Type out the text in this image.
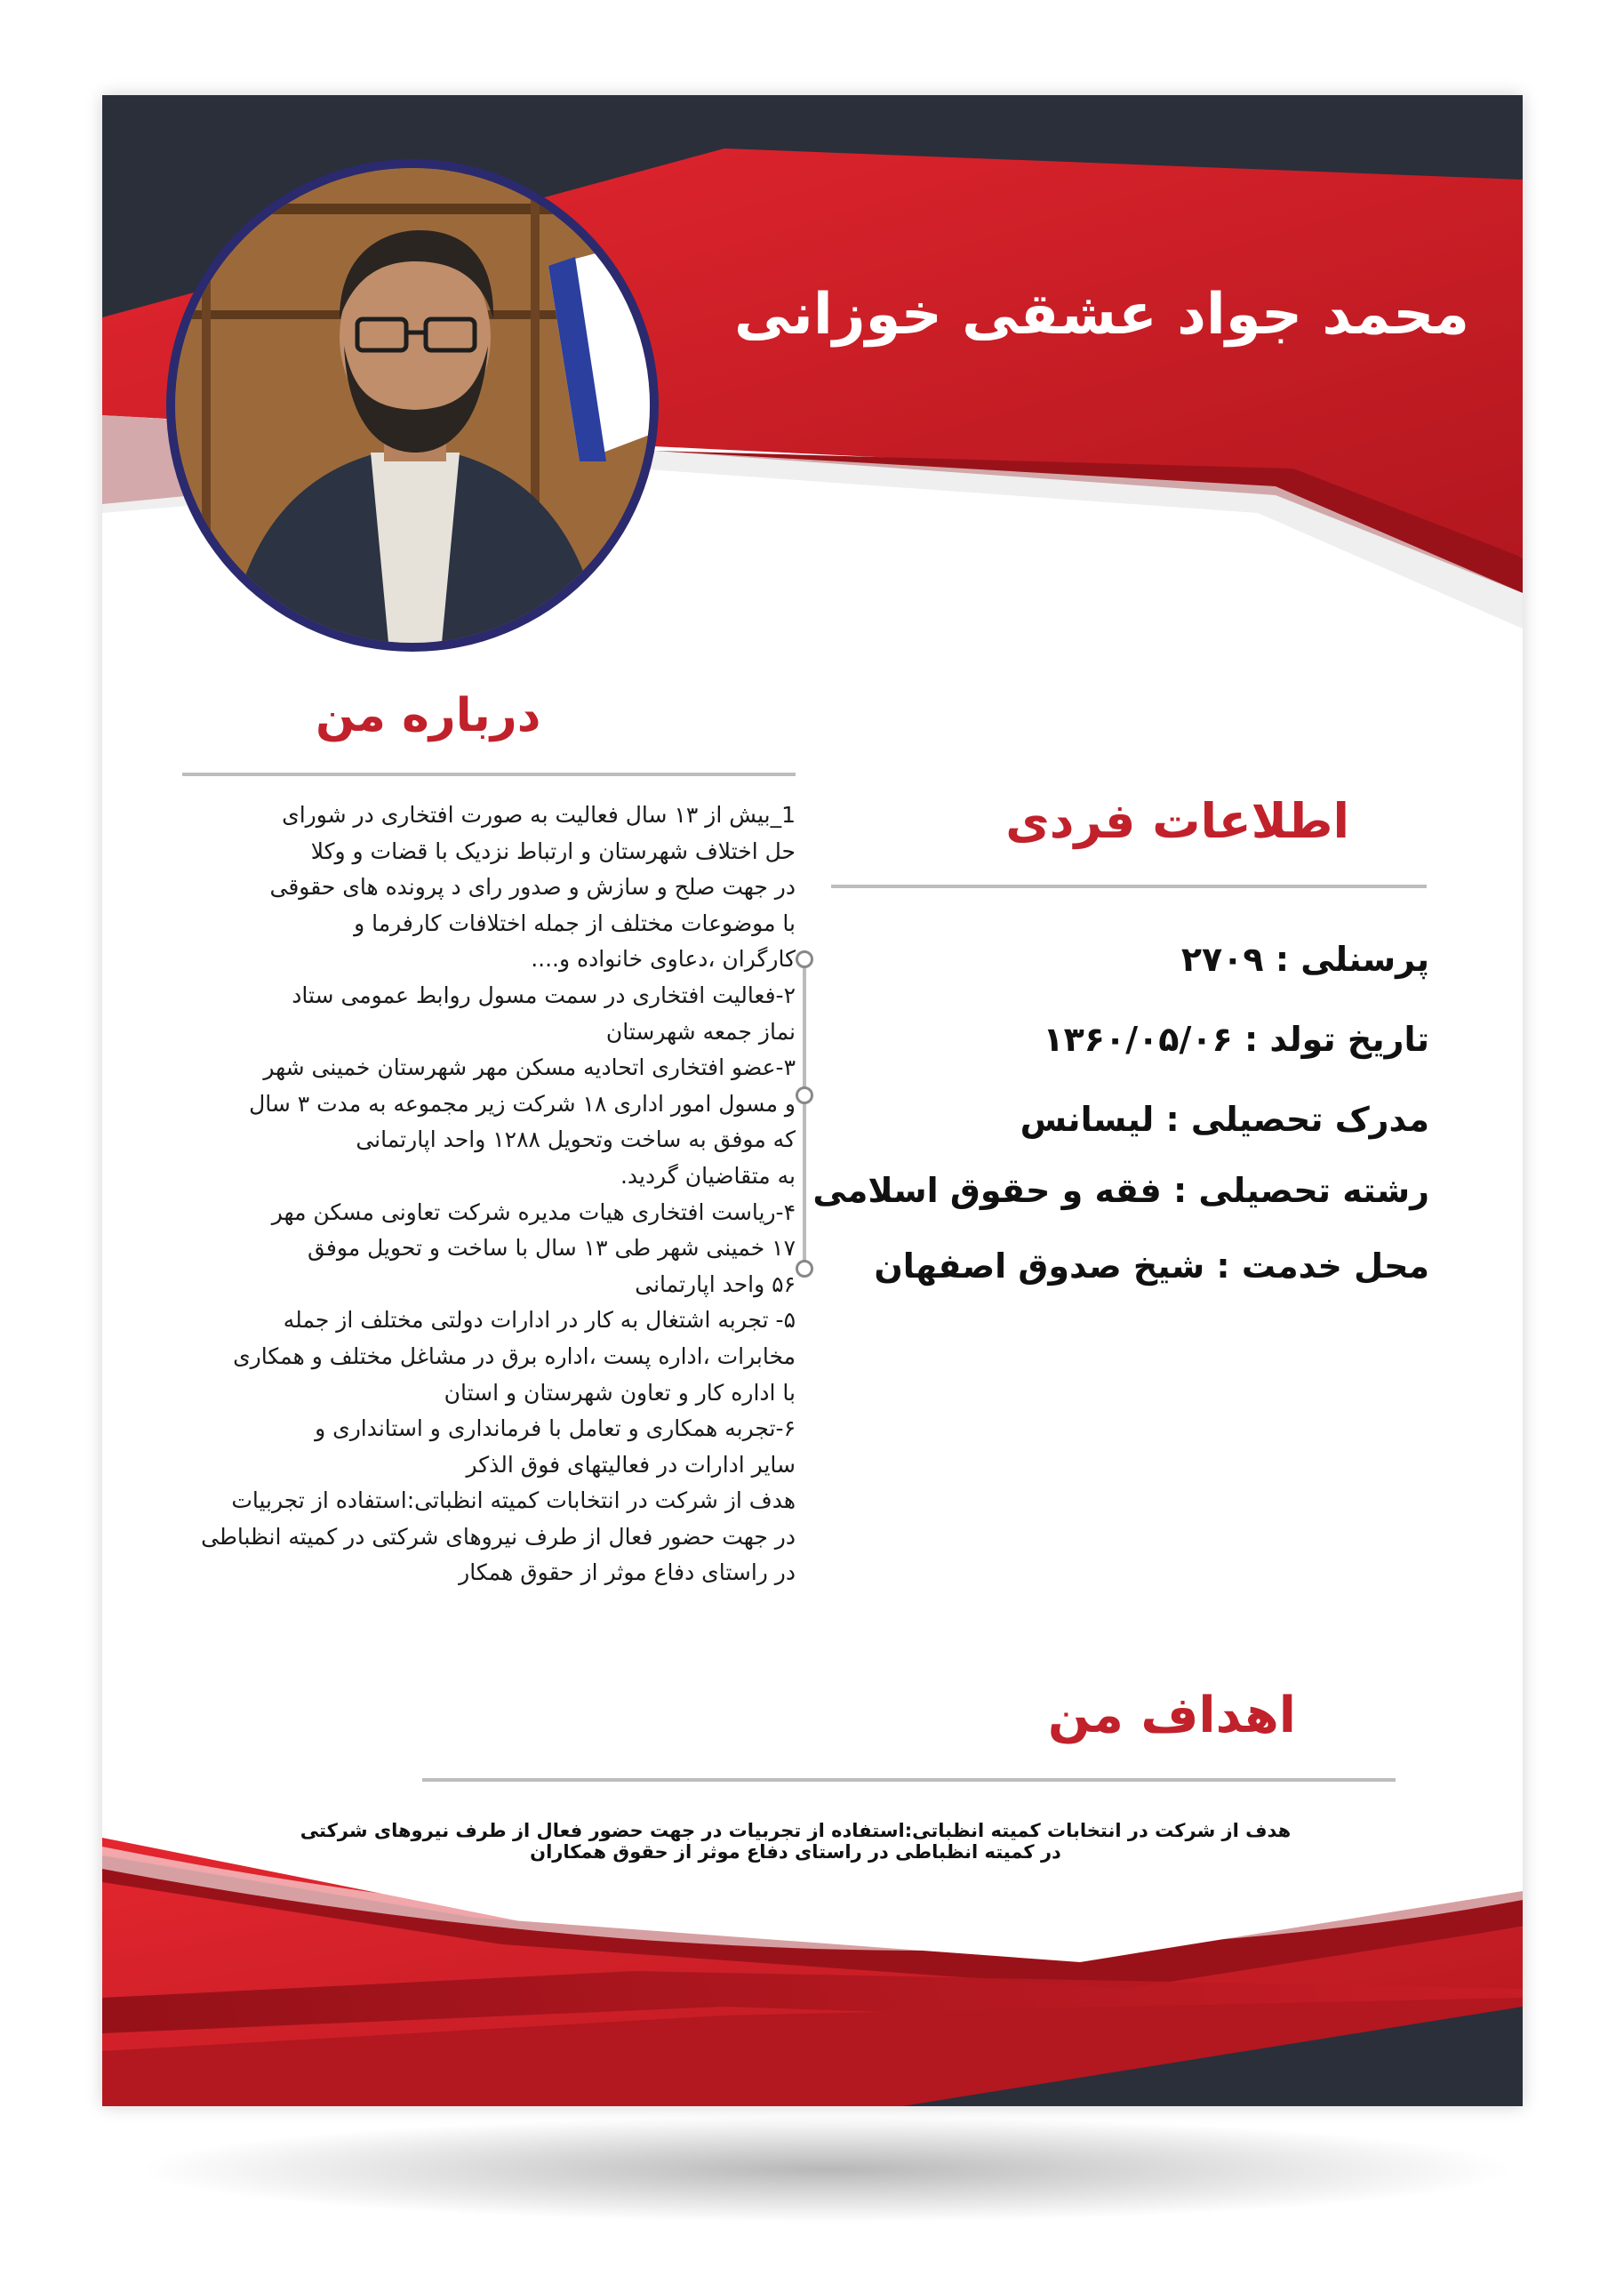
محمد جواد عشقی خوزانی
درباره من
1_بیش از ۱۳ سال فعالیت به صورت افتخاری در شورای
حل اختلاف شهرستان و ارتباط نزدیک با قضات و وکلا
در جهت صلح و سازش و صدور رای د پرونده های حقوقی
با موضوعات مختلف از جمله اختلافات کارفرما و
کارگران ،دعاوی خانواده و....
۲-فعالیت افتخاری در سمت مسول روابط عمومی ستاد
نماز جمعه شهرستان
۳-عضو افتخاری اتحادیه مسکن مهر شهرستان خمینی شهر
و مسول امور اداری ۱۸ شرکت زیر مجموعه به مدت ۳ سال
که موفق به ساخت وتحویل ۱۲۸۸ واحد اپارتمانی
به متقاضیان گردید.
۴-ریاست افتخاری هیات مدیره شرکت تعاونی مسکن مهر
۱۷ خمینی شهر طی ۱۳ سال با ساخت و تحویل موفق
۵۶ واحد اپارتمانی
۵- تجربه اشتغال به کار در ادارات دولتی مختلف از جمله
مخابرات ،اداره پست ،اداره برق در مشاغل مختلف و همکاری
با اداره کار و تعاون شهرستان و استان
۶-تجربه همکاری و تعامل با فرمانداری و استانداری و
سایر ادارات در فعالیتهای فوق الذکر
هدف از شرکت در انتخابات کمیته انظباتی:استفاده از تجربیات
در جهت حضور فعال از طرف نیروهای شرکتی در کمیته انظباطی
در راستای دفاع موثر از حقوق همکار
اطلاعات فردی
پرسنلی : ۲۷۰۹
تاریخ تولد : ۱۳۶۰/۰۵/۰۶
مدرک تحصیلی : لیسانس
رشته تحصیلی : فقه و حقوق اسلامی
محل خدمت : شیخ صدوق اصفهان
اهداف من
هدف از شرکت در انتخابات کمیته انظباتی:استفاده از تجربیات در جهت حضور فعال از طرف نیروهای شرکتی
در کمیته انظباطی در راستای دفاع موثر از حقوق همکاران
